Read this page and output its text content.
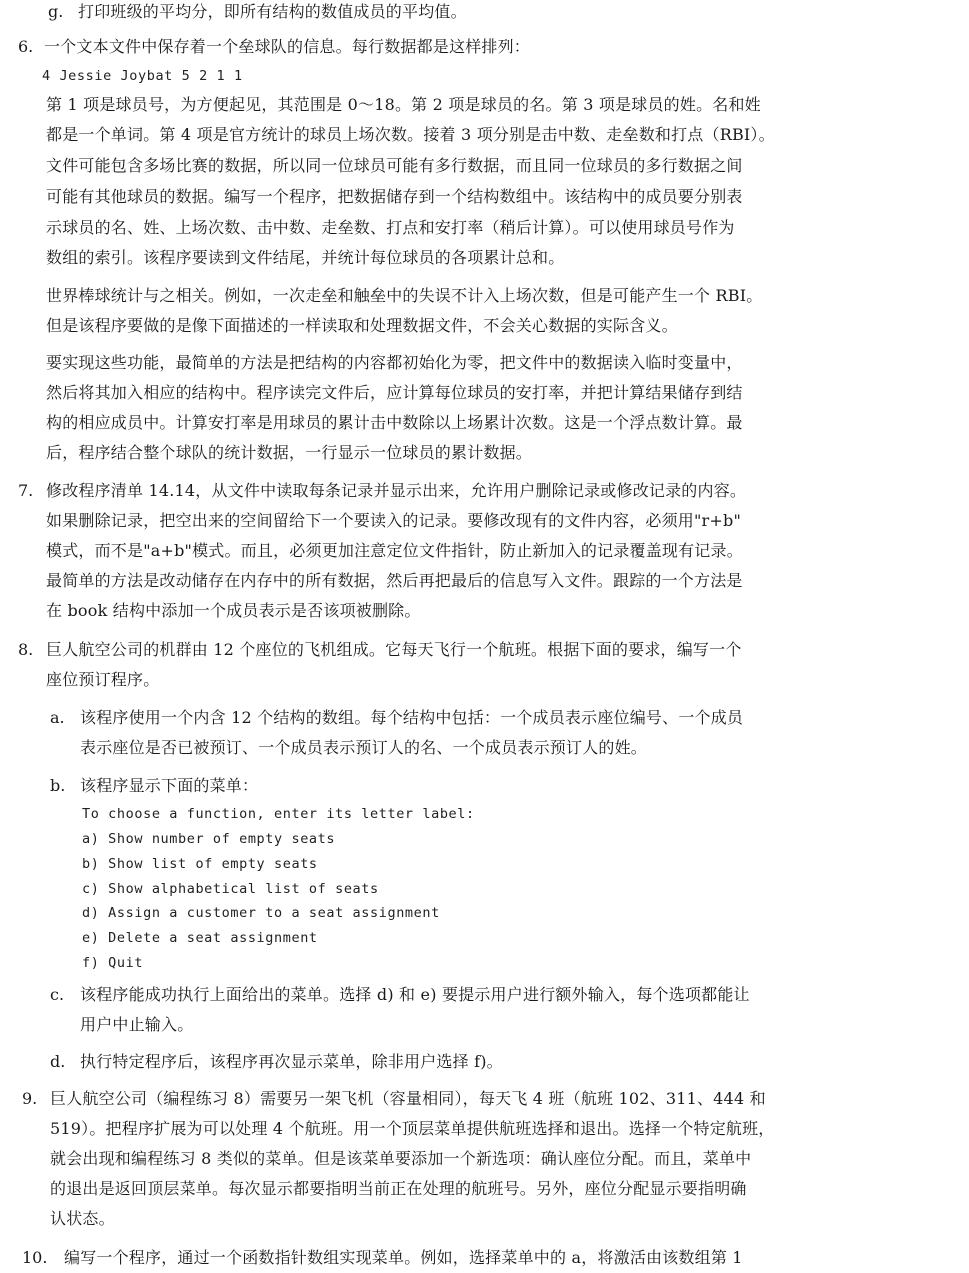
g. 打印班级的平均分，即所有结构的数值成员的平均值。
6. 一个文本文件中保存着一个垒球队的信息。每行数据都是这样排列：
4 Jessie Joybat 5 2 1 1
第 1 项是球员号，为方便起见，其范围是 0～18。第 2 项是球员的名。第 3 项是球员的姓。名和姓
都是一个单词。第 4 项是官方统计的球员上场次数。接着 3 项分别是击中数、走垒数和打点（RBI）。
文件可能包含多场比赛的数据，所以同一位球员可能有多行数据，而且同一位球员的多行数据之间
可能有其他球员的数据。编写一个程序，把数据储存到一个结构数组中。该结构中的成员要分别表
示球员的名、姓、上场次数、击中数、走垒数、打点和安打率（稍后计算）。可以使用球员号作为
数组的索引。该程序要读到文件结尾，并统计每位球员的各项累计总和。
世界棒球统计与之相关。例如，一次走垒和触垒中的失误不计入上场次数，但是可能产生一个 RBI。
但是该程序要做的是像下面描述的一样读取和处理数据文件，不会关心数据的实际含义。
要实现这些功能，最简单的方法是把结构的内容都初始化为零，把文件中的数据读入临时变量中，
然后将其加入相应的结构中。程序读完文件后，应计算每位球员的安打率，并把计算结果储存到结
构的相应成员中。计算安打率是用球员的累计击中数除以上场累计次数。这是一个浮点数计算。最
后，程序结合整个球队的统计数据，一行显示一位球员的累计数据。
7. 修改程序清单 14.14，从文件中读取每条记录并显示出来，允许用户删除记录或修改记录的内容。
如果删除记录，把空出来的空间留给下一个要读入的记录。要修改现有的文件内容，必须用"r+b"
模式，而不是"a+b"模式。而且，必须更加注意定位文件指针，防止新加入的记录覆盖现有记录。
最简单的方法是改动储存在内存中的所有数据，然后再把最后的信息写入文件。跟踪的一个方法是
在 book 结构中添加一个成员表示是否该项被删除。
8. 巨人航空公司的机群由 12 个座位的飞机组成。它每天飞行一个航班。根据下面的要求，编写一个
座位预订程序。
a. 该程序使用一个内含 12 个结构的数组。每个结构中包括：一个成员表示座位编号、一个成员
表示座位是否已被预订、一个成员表示预订人的名、一个成员表示预订人的姓。
b. 该程序显示下面的菜单：
To choose a function, enter its letter label:
a) Show number of empty seats
b) Show list of empty seats
c) Show alphabetical list of seats
d) Assign a customer to a seat assignment
e) Delete a seat assignment
f) Quit
c. 该程序能成功执行上面给出的菜单。选择 d) 和 e) 要提示用户进行额外输入，每个选项都能让
用户中止输入。
d. 执行特定程序后，该程序再次显示菜单，除非用户选择 f)。
9. 巨人航空公司（编程练习 8）需要另一架飞机（容量相同），每天飞 4 班（航班 102、311、444 和
519）。把程序扩展为可以处理 4 个航班。用一个顶层菜单提供航班选择和退出。选择一个特定航班，
就会出现和编程练习 8 类似的菜单。但是该菜单要添加一个新选项：确认座位分配。而且，菜单中
的退出是返回顶层菜单。每次显示都要指明当前正在处理的航班号。另外，座位分配显示要指明确
认状态。
10. 编写一个程序，通过一个函数指针数组实现菜单。例如，选择菜单中的 a，将激活由该数组第 1
